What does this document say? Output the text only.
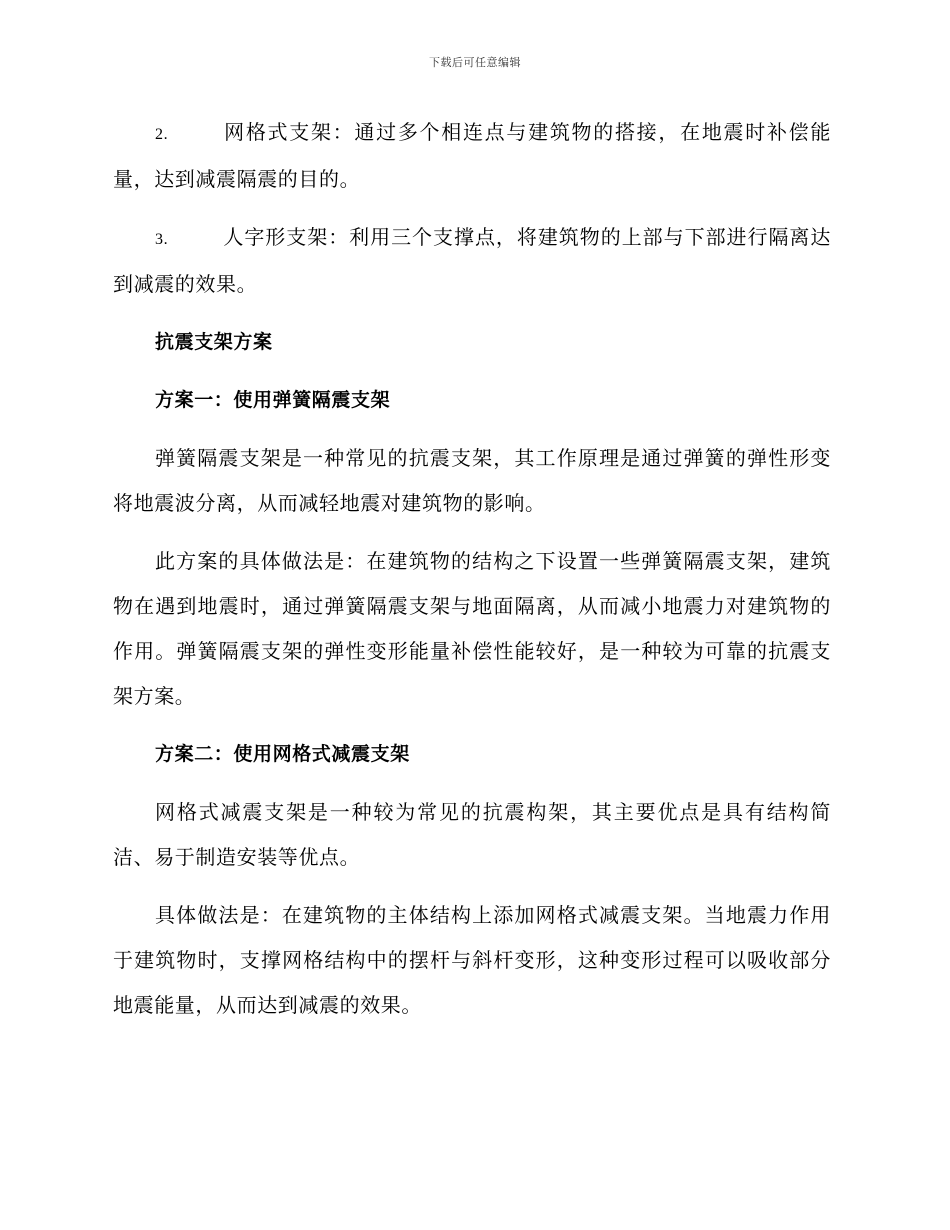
下载后可任意编辑

2.	网格式支架：通过多个相连点与建筑物的搭接，在地震时补偿能量，达到减震隔震的目的。

3.	人字形支架：利用三个支撑点，将建筑物的上部与下部进行隔离达到减震的效果。

抗震支架方案

方案一：使用弹簧隔震支架

弹簧隔震支架是一种常见的抗震支架，其工作原理是通过弹簧的弹性形变将地震波分离，从而减轻地震对建筑物的影响。

此方案的具体做法是：在建筑物的结构之下设置一些弹簧隔震支架，建筑物在遇到地震时，通过弹簧隔震支架与地面隔离，从而减小地震力对建筑物的作用。弹簧隔震支架的弹性变形能量补偿性能较好，是一种较为可靠的抗震支架方案。

方案二：使用网格式减震支架

网格式减震支架是一种较为常见的抗震构架，其主要优点是具有结构简洁、易于制造安装等优点。

具体做法是：在建筑物的主体结构上添加网格式减震支架。当地震力作用于建筑物时，支撑网格结构中的摆杆与斜杆变形，这种变形过程可以吸收部分地震能量，从而达到减震的效果。
